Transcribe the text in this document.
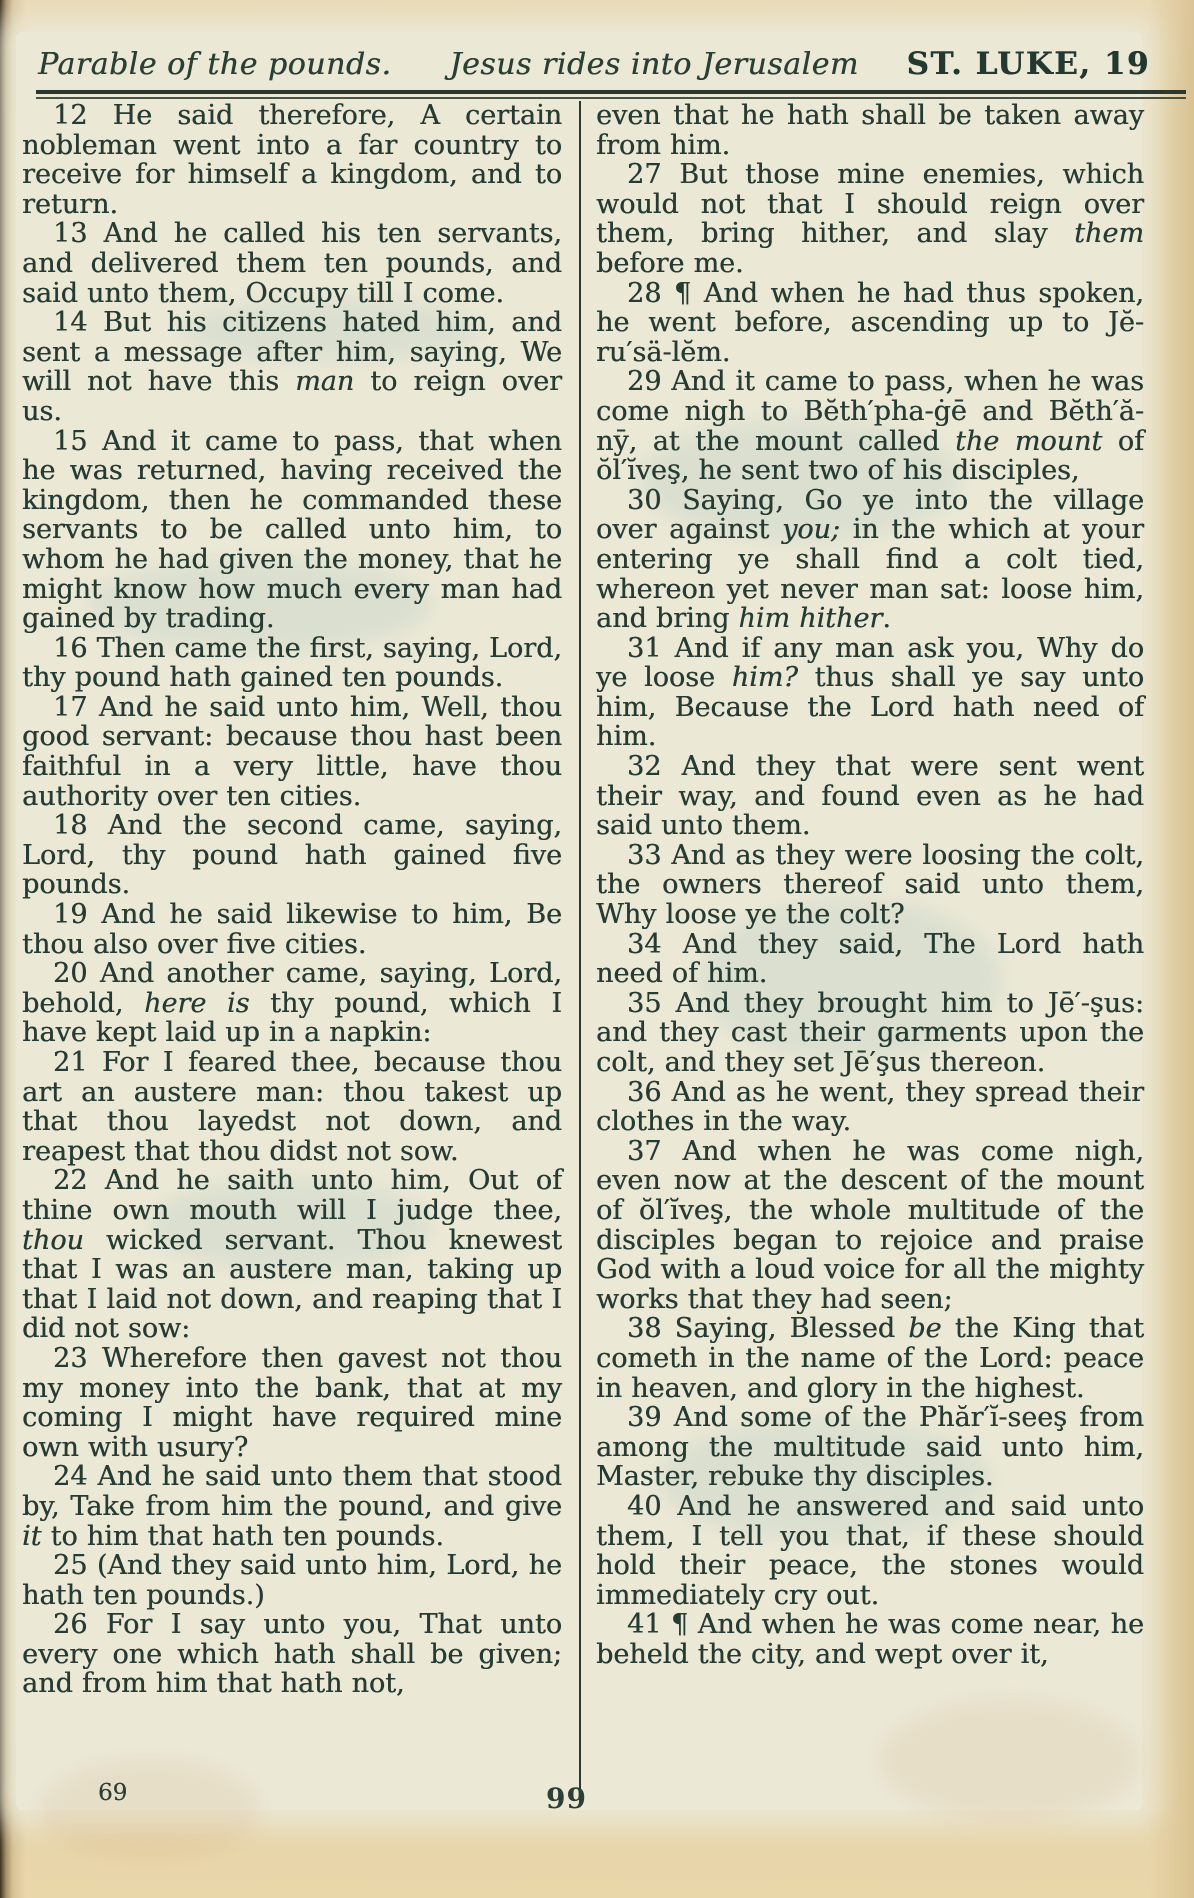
Parable of the pounds. Jesus rides into Jerusalem ST. LUKE, 19

12 He said therefore, A certain nobleman went into a far country to receive for himself a kingdom, and to return.

13 And he called his ten servants, and delivered them ten pounds, and said unto them, Occupy till I come.

14 But his citizens hated him, and sent a message after him, saying, We will not have this man to reign over us.

15 And it came to pass, that when he was returned, having received the kingdom, then he commanded these servants to be called unto him, to whom he had given the money, that he might know how much every man had gained by trading.

16 Then came the first, saying, Lord, thy pound hath gained ten pounds.

17 And he said unto him, Well, thou good servant: because thou hast been faithful in a very little, have thou authority over ten cities.

18 And the second came, saying, Lord, thy pound hath gained five pounds.

19 And he said likewise to him, Be thou also over five cities.

20 And another came, saying, Lord, behold, here is thy pound, which I have kept laid up in a napkin:

21 For I feared thee, because thou art an austere man: thou takest up that thou layedst not down, and reapest that thou didst not sow.

22 And he saith unto him, Out of thine own mouth will I judge thee, thou wicked servant. Thou knewest that I was an austere man, taking up that I laid not down, and reaping that I did not sow:

23 Wherefore then gavest not thou my money into the bank, that at my coming I might have required mine own with usury?

24 And he said unto them that stood by, Take from him the pound, and give it to him that hath ten pounds.

25 (And they said unto him, Lord, he hath ten pounds.)

26 For I say unto you, That unto every one which hath shall be given; and from him that hath not,

even that he hath shall be taken away from him.

27 But those mine enemies, which would not that I should reign over them, bring hither, and slay them before me.

28 ¶ And when he had thus spoken, he went before, ascending up to Jĕ-ru′sä-lĕm.

29 And it came to pass, when he was come nigh to Bĕth′pha-ġē and Bĕth′ă-nȳ, at the mount called the mount of ŏl′ĭveş, he sent two of his disciples,

30 Saying, Go ye into the village over against you; in the which at your entering ye shall find a colt tied, whereon yet never man sat: loose him, and bring him hither.

31 And if any man ask you, Why do ye loose him? thus shall ye say unto him, Because the Lord hath need of him.

32 And they that were sent went their way, and found even as he had said unto them.

33 And as they were loosing the colt, the owners thereof said unto them, Why loose ye the colt?

34 And they said, The Lord hath need of him.

35 And they brought him to Jē′-şus: and they cast their garments upon the colt, and they set Jē′şus thereon.

36 And as he went, they spread their clothes in the way.

37 And when he was come nigh, even now at the descent of the mount of ŏl′ĭveş, the whole multitude of the disciples began to rejoice and praise God with a loud voice for all the mighty works that they had seen;

38 Saying, Blessed be the King that cometh in the name of the Lord: peace in heaven, and glory in the highest.

39 And some of the Phăr′ĭ-seeş from among the multitude said unto him, Master, rebuke thy disciples.

40 And he answered and said unto them, I tell you that, if these should hold their peace, the stones would immediately cry out.

41 ¶ And when he was come near, he beheld the city, and wept over it,

69	99
